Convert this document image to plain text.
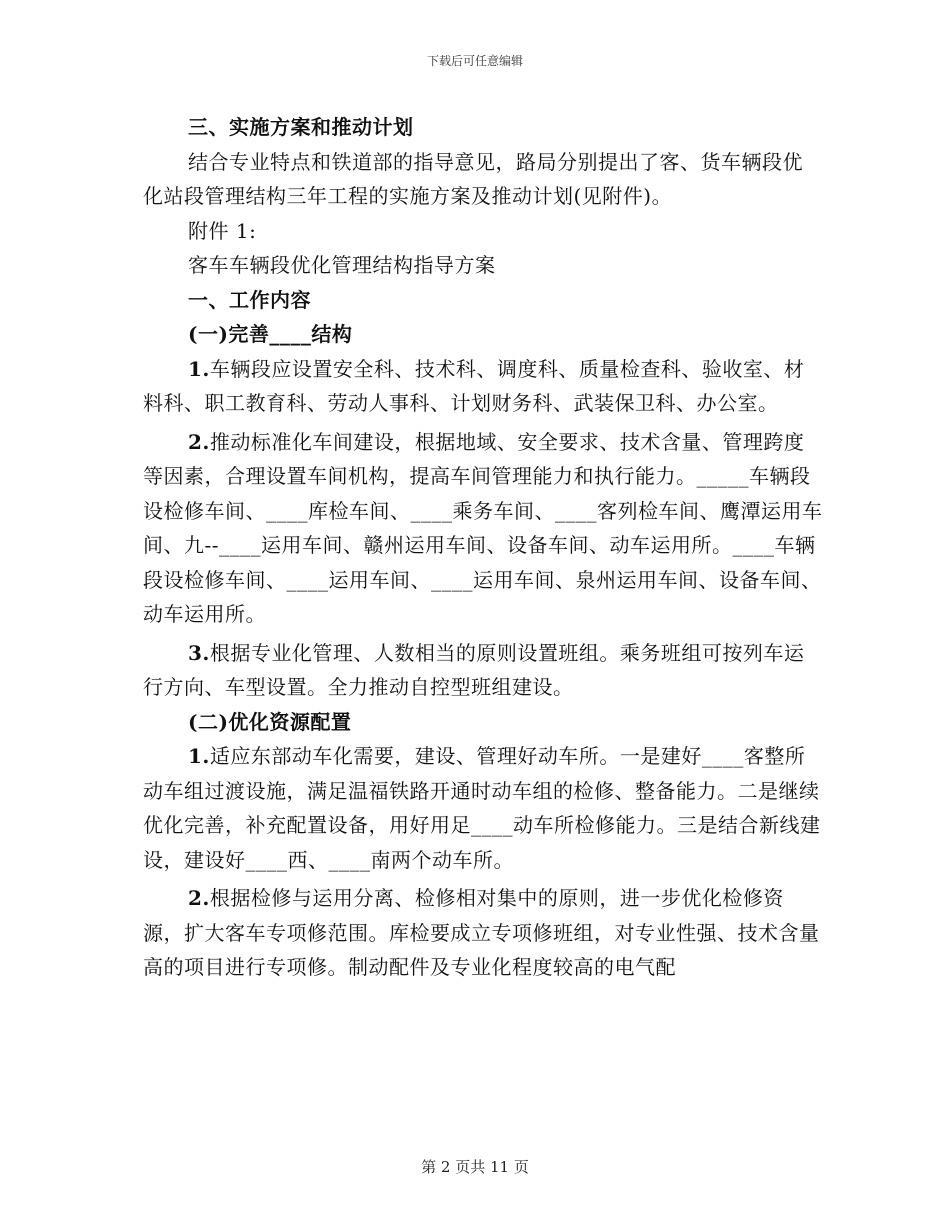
下载后可任意编辑

三、实施方案和推动计划

结合专业特点和铁道部的指导意见，路局分别提出了客、货车辆段优化站段管理结构三年工程的实施方案及推动计划(见附件)。

附件 1:

客车车辆段优化管理结构指导方案

一、工作内容

(一)完善____结构

1.车辆段应设置安全科、技术科、调度科、质量检查科、验收室、材料科、职工教育科、劳动人事科、计划财务科、武装保卫科、办公室。

2.推动标准化车间建设，根据地域、安全要求、技术含量、管理跨度等因素，合理设置车间机构，提高车间管理能力和执行能力。_____车辆段设检修车间、____库检车间、____乘务车间、____客列检车间、鹰潭运用车间、九--____运用车间、赣州运用车间、设备车间、动车运用所。____车辆段设检修车间、____运用车间、____运用车间、泉州运用车间、设备车间、动车运用所。

3.根据专业化管理、人数相当的原则设置班组。乘务班组可按列车运行方向、车型设置。全力推动自控型班组建设。

(二)优化资源配置

1.适应东部动车化需要，建设、管理好动车所。一是建好____客整所动车组过渡设施，满足温福铁路开通时动车组的检修、整备能力。二是继续优化完善，补充配置设备，用好用足____动车所检修能力。三是结合新线建设，建设好____西、____南两个动车所。

2.根据检修与运用分离、检修相对集中的原则，进一步优化检修资源，扩大客车专项修范围。库检要成立专项修班组，对专业性强、技术含量高的项目进行专项修。制动配件及专业化程度较高的电气配

第 2 页共 11 页
